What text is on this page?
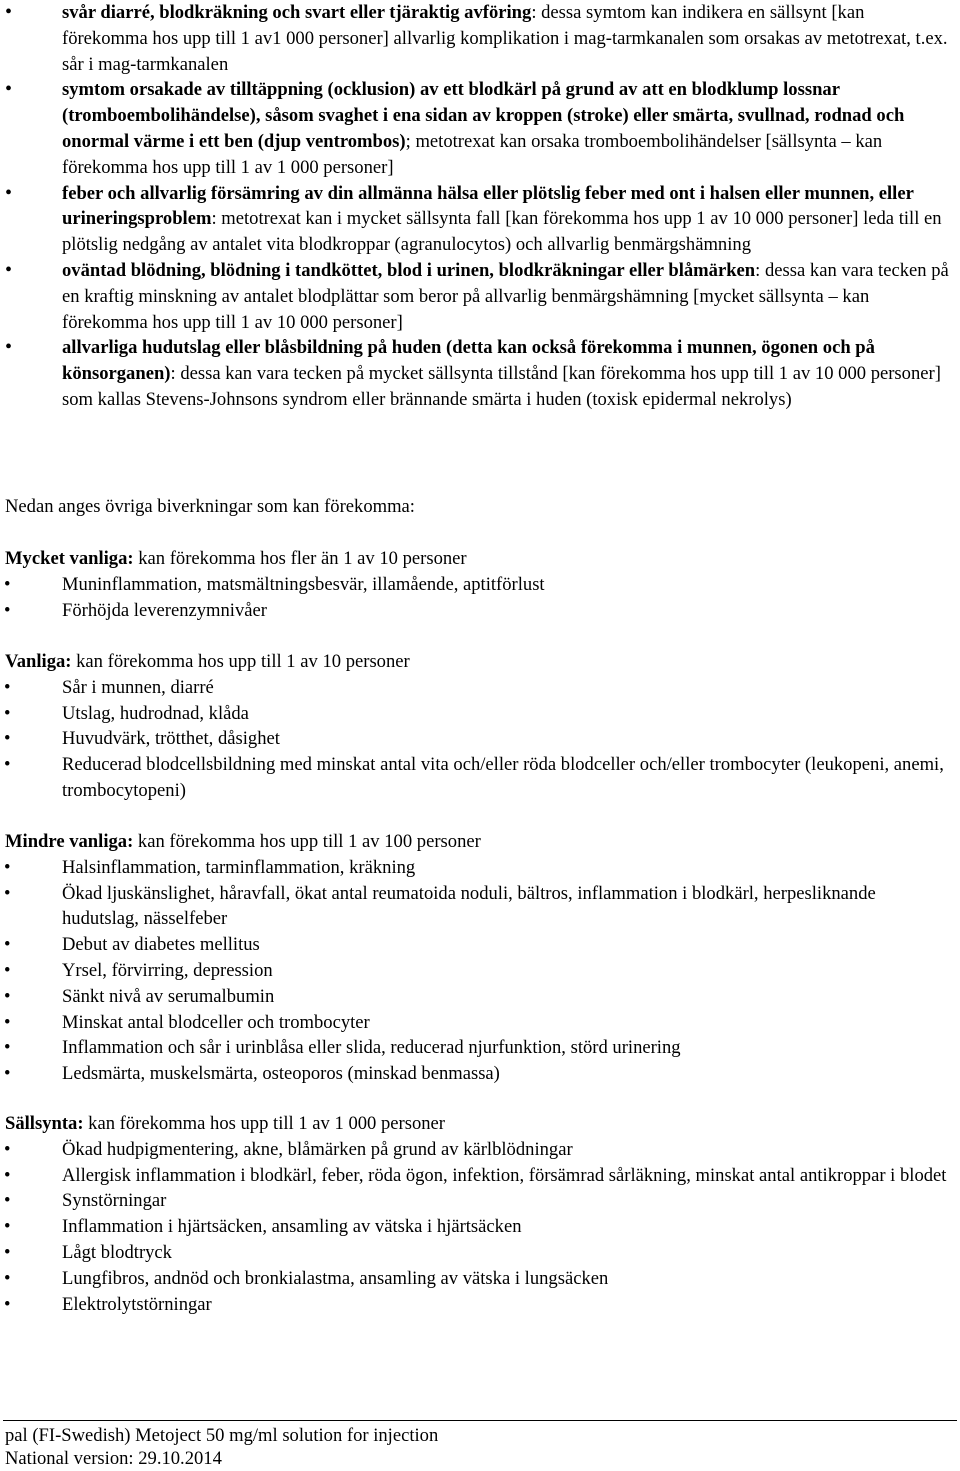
• svår diarré, blodkräkning och svart eller tjäraktig avföring: dessa symtom kan indikera en sällsynt [kan förekomma hos upp till 1 av1 000 personer] allvarlig komplikation i mag-tarmkanalen som orsakas av metotrexat, t.ex. sår i mag-tarmkanalen
• symtom orsakade av tilltäppning (ocklusion) av ett blodkärl på grund av att en blodklump lossnar (tromboembolihändelse), såsom svaghet i ena sidan av kroppen (stroke) eller smärta, svullnad, rodnad och onormal värme i ett ben (djup ventrombos); metotrexat kan orsaka tromboembolihändelser [sällsynta – kan förekomma hos upp till 1 av 1 000 personer]
• feber och allvarlig försämring av din allmänna hälsa eller plötslig feber med ont i halsen eller munnen, eller urineringsproblem: metotrexat kan i mycket sällsynta fall [kan förekomma hos upp 1 av 10 000 personer] leda till en plötslig nedgång av antalet vita blodkroppar (agranulocytos) och allvarlig benmärgshämning
• oväntad blödning, blödning i tandköttet, blod i urinen, blodkräkningar eller blåmärken: dessa kan vara tecken på en kraftig minskning av antalet blodplättar som beror på allvarlig benmärgshämning [mycket sällsynta – kan förekomma hos upp till 1 av 10 000 personer]
• allvarliga hudutslag eller blåsbildning på huden (detta kan också förekomma i munnen, ögonen och på könsorganen): dessa kan vara tecken på mycket sällsynta tillstånd [kan förekomma hos upp till 1 av 10 000 personer] som kallas Stevens-Johnsons syndrom eller brännande smärta i huden (toxisk epidermal nekrolys)
Nedan anges övriga biverkningar som kan förekomma:
Mycket vanliga: kan förekomma hos fler än 1 av 10 personer
• Muninflammation, matsmältningsbesvär, illamående, aptitförlust
• Förhöjda leverenzymnivåer
Vanliga: kan förekomma hos upp till 1 av 10 personer
• Sår i munnen, diarré
• Utslag, hudrodnad, klåda
• Huvudvärk, trötthet, dåsighet
• Reducerad blodcellsbildning med minskat antal vita och/eller röda blodceller och/eller trombocyter (leukopeni, anemi, trombocytopeni)
Mindre vanliga: kan förekomma hos upp till 1 av 100 personer
• Halsinflammation, tarminflammation, kräkning
• Ökad ljuskänslighet, håravfall, ökat antal reumatoida noduli, bältros, inflammation i blodkärl, herpesliknande hudutslag, nässelfeber
• Debut av diabetes mellitus
• Yrsel, förvirring, depression
• Sänkt nivå av serumalbumin
• Minskat antal blodceller och trombocyter
• Inflammation och sår i urinblåsa eller slida, reducerad njurfunktion, störd urinering
• Ledsmärta, muskelsmärta, osteoporos (minskad benmassa)
Sällsynta: kan förekomma hos upp till 1 av 1 000 personer
• Ökad hudpigmentering, akne, blåmärken på grund av kärlblödningar
• Allergisk inflammation i blodkärl, feber, röda ögon, infektion, försämrad sårläkning, minskat antal antikroppar i blodet
• Synstörningar
• Inflammation i hjärtsäcken, ansamling av vätska i hjärtsäcken
• Lågt blodtryck
• Lungfibros, andnöd och bronkialastma, ansamling av vätska i lungsäcken
• Elektrolytstörningar
pal (FI-Swedish) Metoject 50 mg/ml solution for injection
National version: 29.10.2014
